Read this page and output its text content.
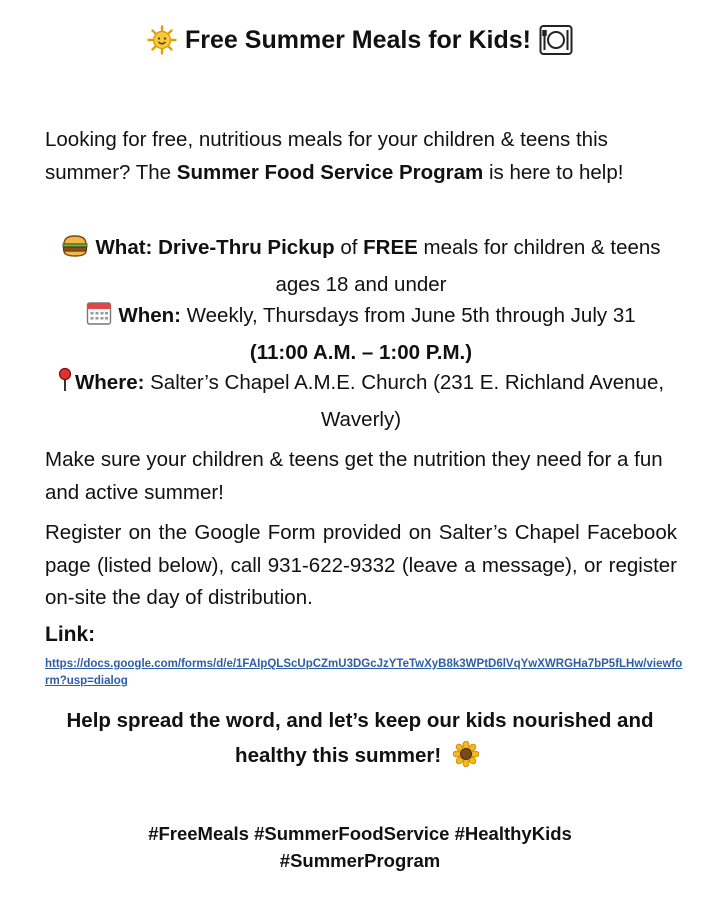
Free Summer Meals for Kids!
Looking for free, nutritious meals for your children & teens this summer? The Summer Food Service Program is here to help!
What: Drive-Thru Pickup of FREE meals for children & teens ages 18 and under
When: Weekly, Thursdays from June 5th through July 31
(11:00 A.M. – 1:00 P.M.)
Where: Salter’s Chapel A.M.E. Church (231 E. Richland Avenue, Waverly)
Make sure your children & teens get the nutrition they need for a fun and active summer!
Register on the Google Form provided on Salter’s Chapel Facebook page (listed below), call 931-622-9332 (leave a message), or register on-site the day of distribution.
Link:
https://docs.google.com/forms/d/e/1FAIpQLScUpCZmU3DGcJzYTeTwXyB8k3WPtD6lVqYwXWRGHa7bP5fLHw/viewform?usp=dialog
Help spread the word, and let’s keep our kids nourished and healthy this summer!
#FreeMeals #SummerFoodService #HealthyKids
#SummerProgram
